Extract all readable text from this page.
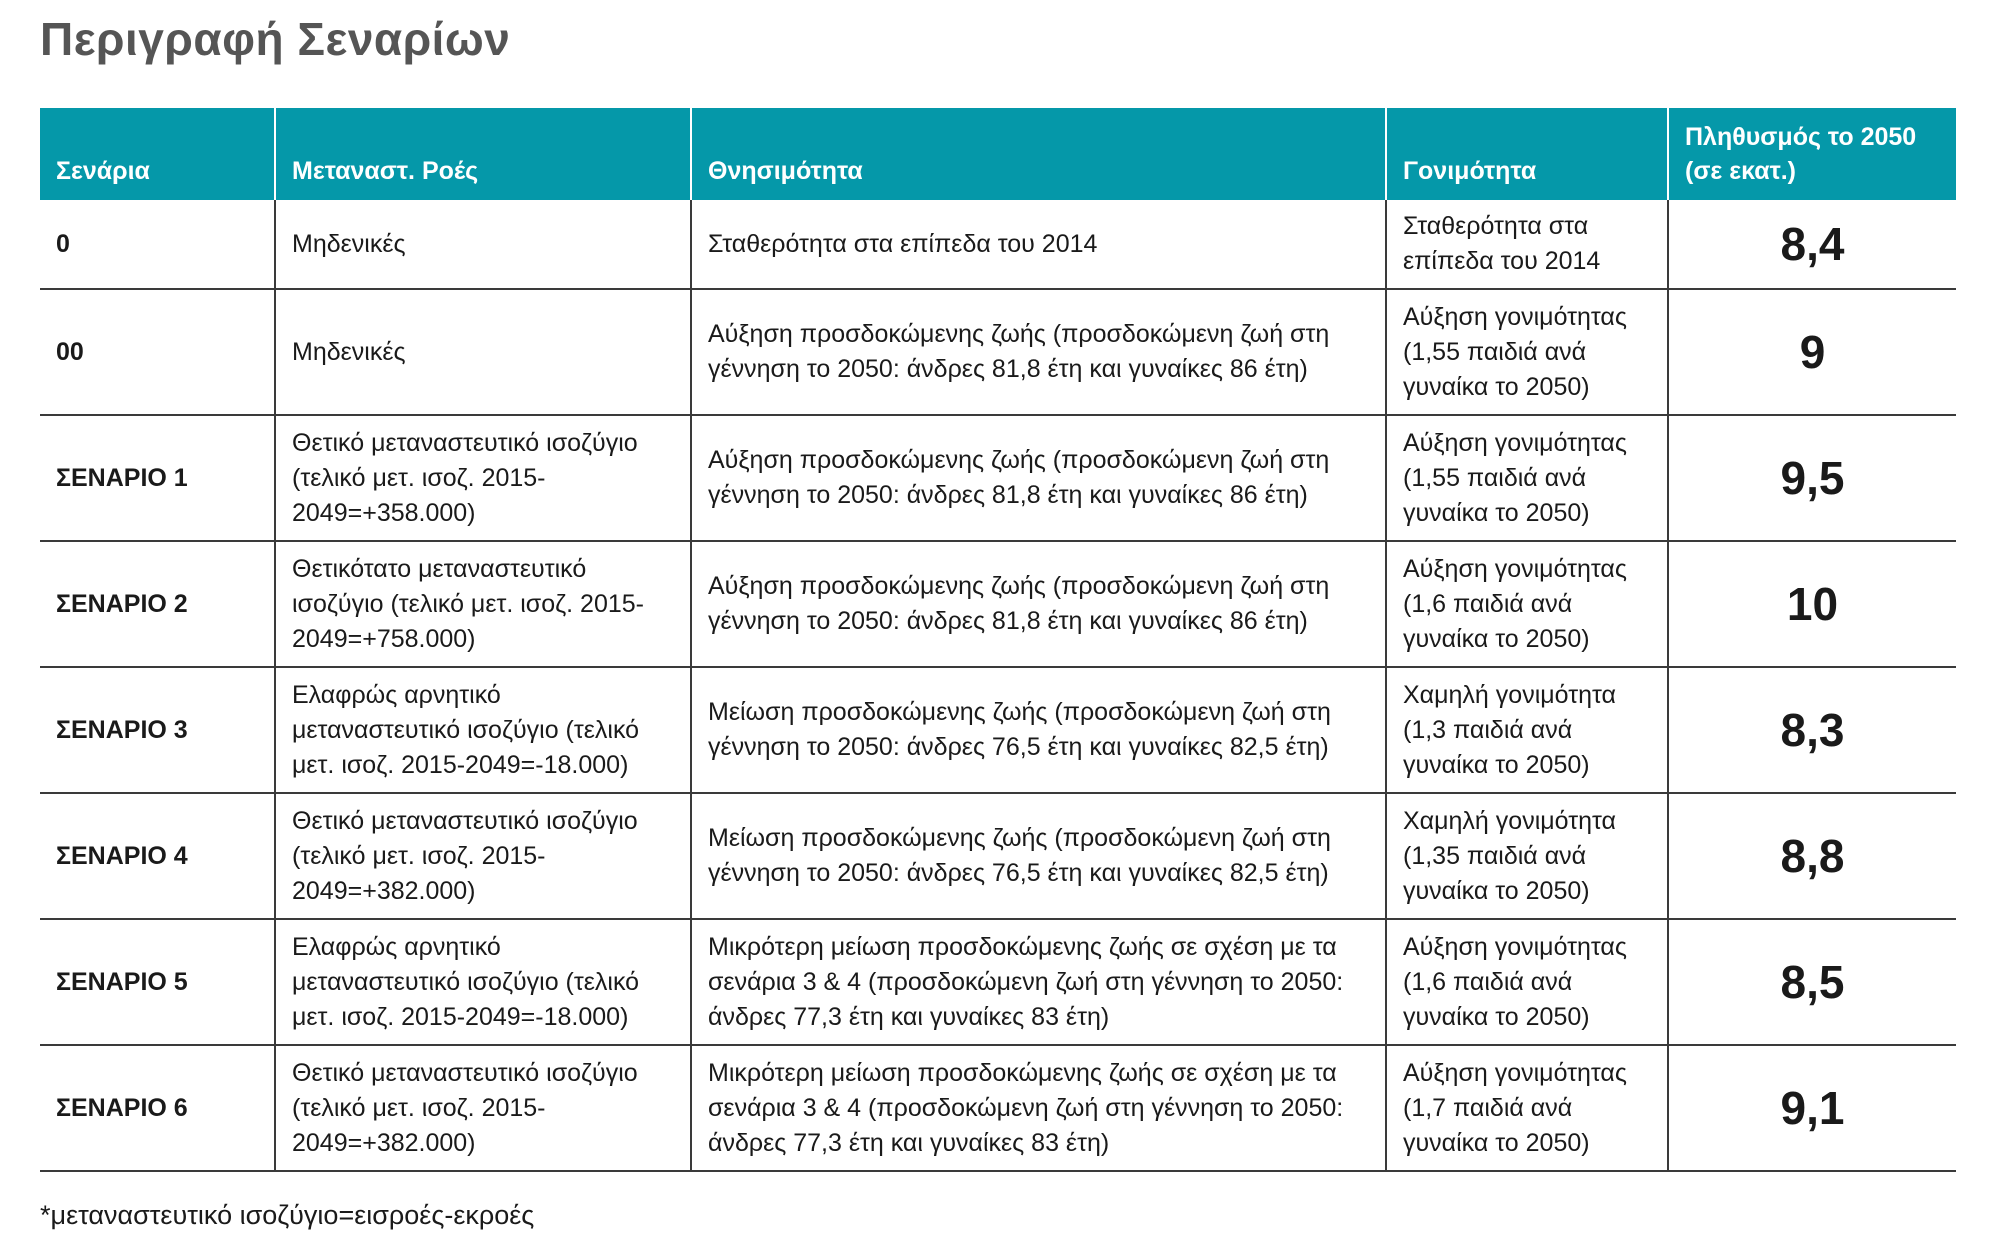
Περιγραφή Σεναρίων
Σενάρια	Μεταναστ. Ροές	Θνησιμότητα	Γονιμότητα	Πληθυσμός το 2050
(σε εκατ.)
0	Μηδενικές	Σταθερότητα στα επίπεδα του 2014	Σταθερότητα στα επίπεδα του 2014	8,4
00	Μηδενικές	Αύξηση προσδοκώμενης ζωής (προσδοκώμενη ζωή στη γέννηση το 2050: άνδρες 81,8 έτη και γυναίκες 86 έτη)	Αύξηση γονιμότητας (1,55 παιδιά ανά γυναίκα το 2050)	9
ΣΕΝΑΡΙΟ 1	Θετικό μεταναστευτικό ισοζύγιο (τελικό μετ. ισοζ. 2015-2049=+358.000)	Αύξηση προσδοκώμενης ζωής (προσδοκώμενη ζωή στη γέννηση το 2050: άνδρες 81,8 έτη και γυναίκες 86 έτη)	Αύξηση γονιμότητας (1,55 παιδιά ανά γυναίκα το 2050)	9,5
ΣΕΝΑΡΙΟ 2	Θετικότατο μεταναστευτικό ισοζύγιο (τελικό μετ. ισοζ. 2015- 2049=+758.000)	Αύξηση προσδοκώμενης ζωής (προσδοκώμενη ζωή στη γέννηση το 2050: άνδρες 81,8 έτη και γυναίκες 86 έτη)	Αύξηση γονιμότητας (1,6 παιδιά ανά γυναίκα το 2050)	10
ΣΕΝΑΡΙΟ 3	Ελαφρώς αρνητικό μεταναστευτικό ισοζύγιο (τελικό μετ. ισοζ. 2015-2049=-18.000)	Μείωση προσδοκώμενης ζωής (προσδοκώμενη ζωή στη γέννηση το 2050: άνδρες 76,5 έτη και γυναίκες 82,5 έτη)	Χαμηλή γονιμότητα (1,3 παιδιά ανά γυναίκα το 2050)	8,3
ΣΕΝΑΡΙΟ 4	Θετικό μεταναστευτικό ισοζύγιο (τελικό μετ. ισοζ. 2015-2049=+382.000)	Μείωση προσδοκώμενης ζωής (προσδοκώμενη ζωή στη γέννηση το 2050: άνδρες 76,5 έτη και γυναίκες 82,5 έτη)	Χαμηλή γονιμότητα (1,35 παιδιά ανά γυναίκα το 2050)	8,8
ΣΕΝΑΡΙΟ 5	Ελαφρώς αρνητικό μεταναστευτικό ισοζύγιο (τελικό μετ. ισοζ. 2015-2049=-18.000)	Μικρότερη μείωση προσδοκώμενης ζωής σε σχέση με τα σενάρια 3 & 4 (προσδοκώμενη ζωή στη γέννηση το 2050: άνδρες 77,3 έτη και γυναίκες 83 έτη)	Αύξηση γονιμότητας (1,6 παιδιά ανά γυναίκα το 2050)	8,5
ΣΕΝΑΡΙΟ 6	Θετικό μεταναστευτικό ισοζύγιο (τελικό μετ. ισοζ. 2015-2049=+382.000)	Μικρότερη μείωση προσδοκώμενης ζωής σε σχέση με τα σενάρια 3 & 4 (προσδοκώμενη ζωή στη γέννηση το 2050: άνδρες 77,3 έτη και γυναίκες 83 έτη)	Αύξηση γονιμότητας (1,7 παιδιά ανά γυναίκα το 2050)	9,1

*μεταναστευτικό ισοζύγιο=εισροές-εκροές
